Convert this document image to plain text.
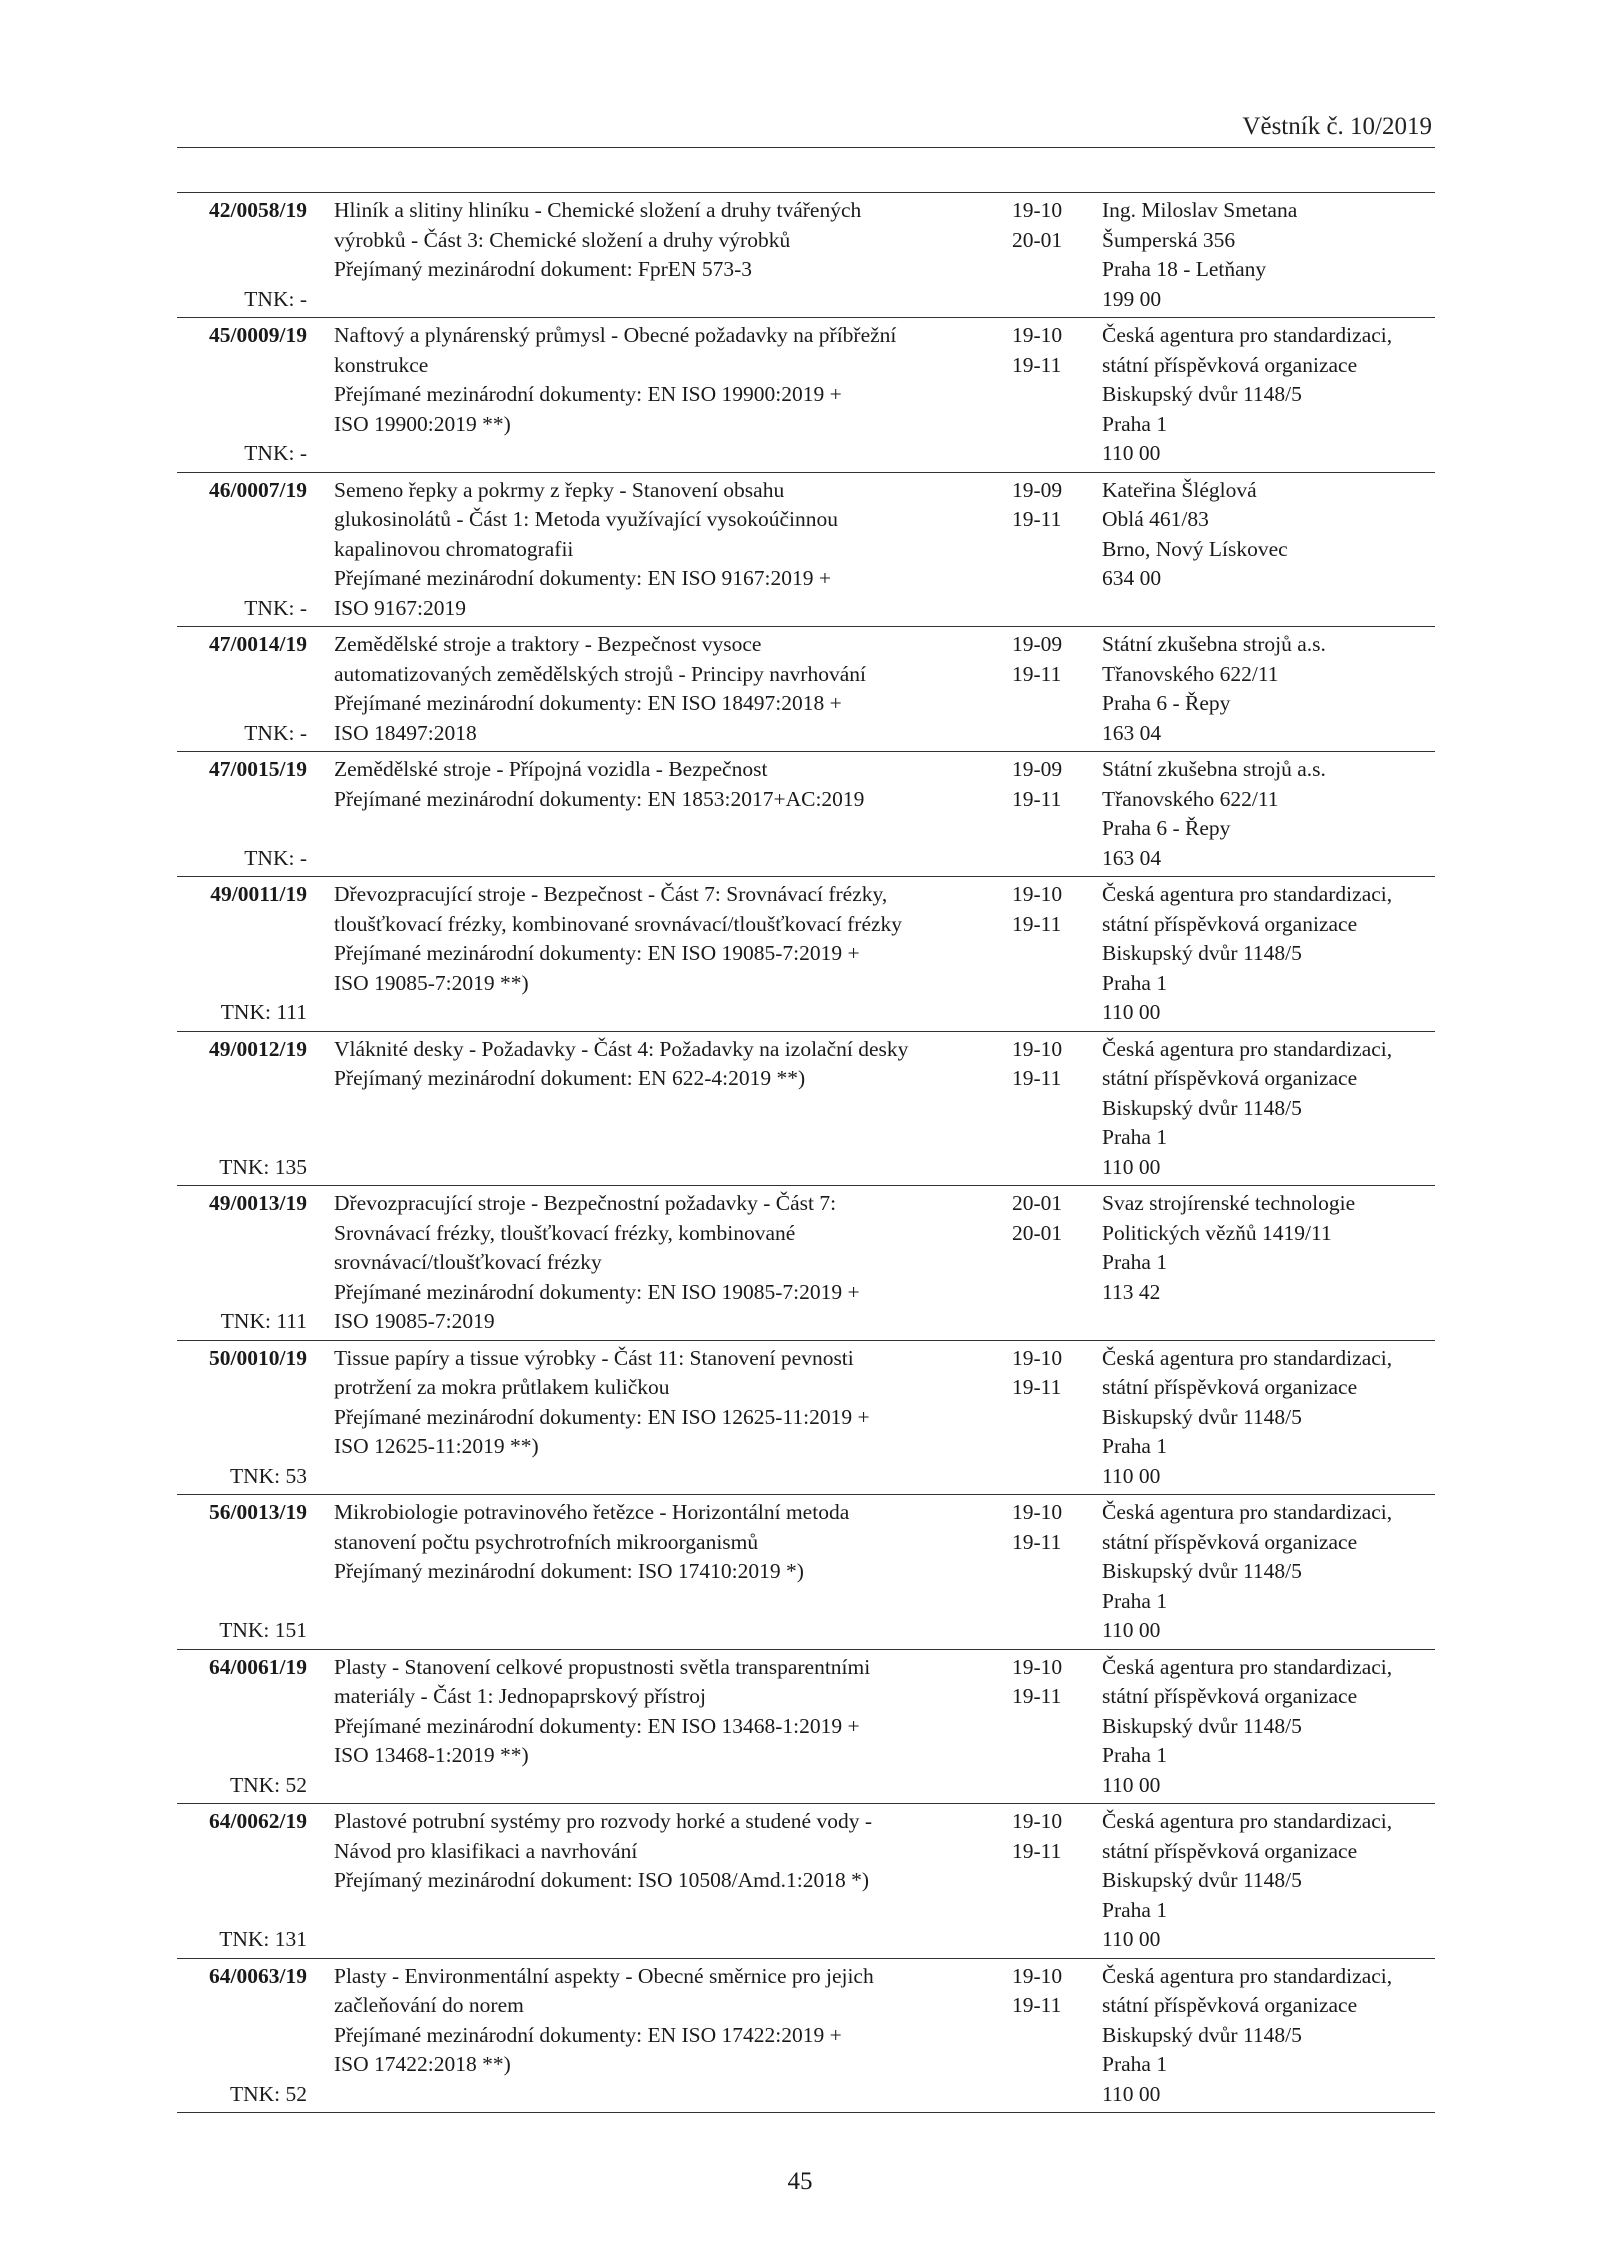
Věstník č. 10/2019
42/0058/19
TNK: -
Hliník a slitiny hliníku - Chemické složení a druhy tvářených
výrobků - Část 3: Chemické složení a druhy výrobků
Přejímaný mezinárodní dokument: FprEN 573-3
19-10
20-01
Ing. Miloslav Smetana
Šumperská 356
Praha 18 - Letňany
199 00
45/0009/19
TNK: -
Naftový a plynárenský průmysl - Obecné požadavky na příbřežní
konstrukce
Přejímané mezinárodní dokumenty: EN ISO 19900:2019 +
ISO 19900:2019 **)
19-10
19-11
Česká agentura pro standardizaci,
státní příspěvková organizace
Biskupský dvůr 1148/5
Praha 1
110 00
46/0007/19
TNK: -
Semeno řepky a pokrmy z řepky - Stanovení obsahu
glukosinolátů - Část 1: Metoda využívající vysokoúčinnou
kapalinovou chromatografii
Přejímané mezinárodní dokumenty: EN ISO 9167:2019 +
ISO 9167:2019
19-09
19-11
Kateřina Šléglová
Oblá 461/83
Brno, Nový Lískovec
634 00
47/0014/19
TNK: -
Zemědělské stroje a traktory - Bezpečnost vysoce
automatizovaných zemědělských strojů - Principy navrhování
Přejímané mezinárodní dokumenty: EN ISO 18497:2018 +
ISO 18497:2018
19-09
19-11
Státní zkušebna strojů a.s.
Třanovského 622/11
Praha 6 - Řepy
163 04
47/0015/19
TNK: -
Zemědělské stroje - Přípojná vozidla - Bezpečnost
Přejímané mezinárodní dokumenty: EN 1853:2017+AC:2019
19-09
19-11
Státní zkušebna strojů a.s.
Třanovského 622/11
Praha 6 - Řepy
163 04
49/0011/19
TNK: 111
Dřevozpracující stroje - Bezpečnost - Část 7: Srovnávací frézky,
tloušťkovací frézky, kombinované srovnávací/tloušťkovací frézky
Přejímané mezinárodní dokumenty: EN ISO 19085-7:2019 +
ISO 19085-7:2019 **)
19-10
19-11
Česká agentura pro standardizaci,
státní příspěvková organizace
Biskupský dvůr 1148/5
Praha 1
110 00
49/0012/19
TNK: 135
Vláknité desky - Požadavky - Část 4: Požadavky na izolační desky
Přejímaný mezinárodní dokument: EN 622-4:2019 **)
19-10
19-11
Česká agentura pro standardizaci,
státní příspěvková organizace
Biskupský dvůr 1148/5
Praha 1
110 00
49/0013/19
TNK: 111
Dřevozpracující stroje - Bezpečnostní požadavky - Část 7:
Srovnávací frézky, tloušťkovací frézky, kombinované
srovnávací/tloušťkovací frézky
Přejímané mezinárodní dokumenty: EN ISO 19085-7:2019 +
ISO 19085-7:2019
20-01
20-01
Svaz strojírenské technologie
Politických vězňů 1419/11
Praha 1
113 42
50/0010/19
TNK: 53
Tissue papíry a tissue výrobky - Část 11: Stanovení pevnosti
protržení za mokra průtlakem kuličkou
Přejímané mezinárodní dokumenty: EN ISO 12625-11:2019 +
ISO 12625-11:2019 **)
19-10
19-11
Česká agentura pro standardizaci,
státní příspěvková organizace
Biskupský dvůr 1148/5
Praha 1
110 00
56/0013/19
TNK: 151
Mikrobiologie potravinového řetězce - Horizontální metoda
stanovení počtu psychrotrofních mikroorganismů
Přejímaný mezinárodní dokument: ISO 17410:2019 *)
19-10
19-11
Česká agentura pro standardizaci,
státní příspěvková organizace
Biskupský dvůr 1148/5
Praha 1
110 00
64/0061/19
TNK: 52
Plasty - Stanovení celkové propustnosti světla transparentními
materiály - Část 1: Jednopaprskový přístroj
Přejímané mezinárodní dokumenty: EN ISO 13468-1:2019 +
ISO 13468-1:2019 **)
19-10
19-11
Česká agentura pro standardizaci,
státní příspěvková organizace
Biskupský dvůr 1148/5
Praha 1
110 00
64/0062/19
TNK: 131
Plastové potrubní systémy pro rozvody horké a studené vody -
Návod pro klasifikaci a navrhování
Přejímaný mezinárodní dokument: ISO 10508/Amd.1:2018 *)
19-10
19-11
Česká agentura pro standardizaci,
státní příspěvková organizace
Biskupský dvůr 1148/5
Praha 1
110 00
64/0063/19
TNK: 52
Plasty - Environmentální aspekty - Obecné směrnice pro jejich
začleňování do norem
Přejímané mezinárodní dokumenty: EN ISO 17422:2019 +
ISO 17422:2018 **)
19-10
19-11
Česká agentura pro standardizaci,
státní příspěvková organizace
Biskupský dvůr 1148/5
Praha 1
110 00
45
